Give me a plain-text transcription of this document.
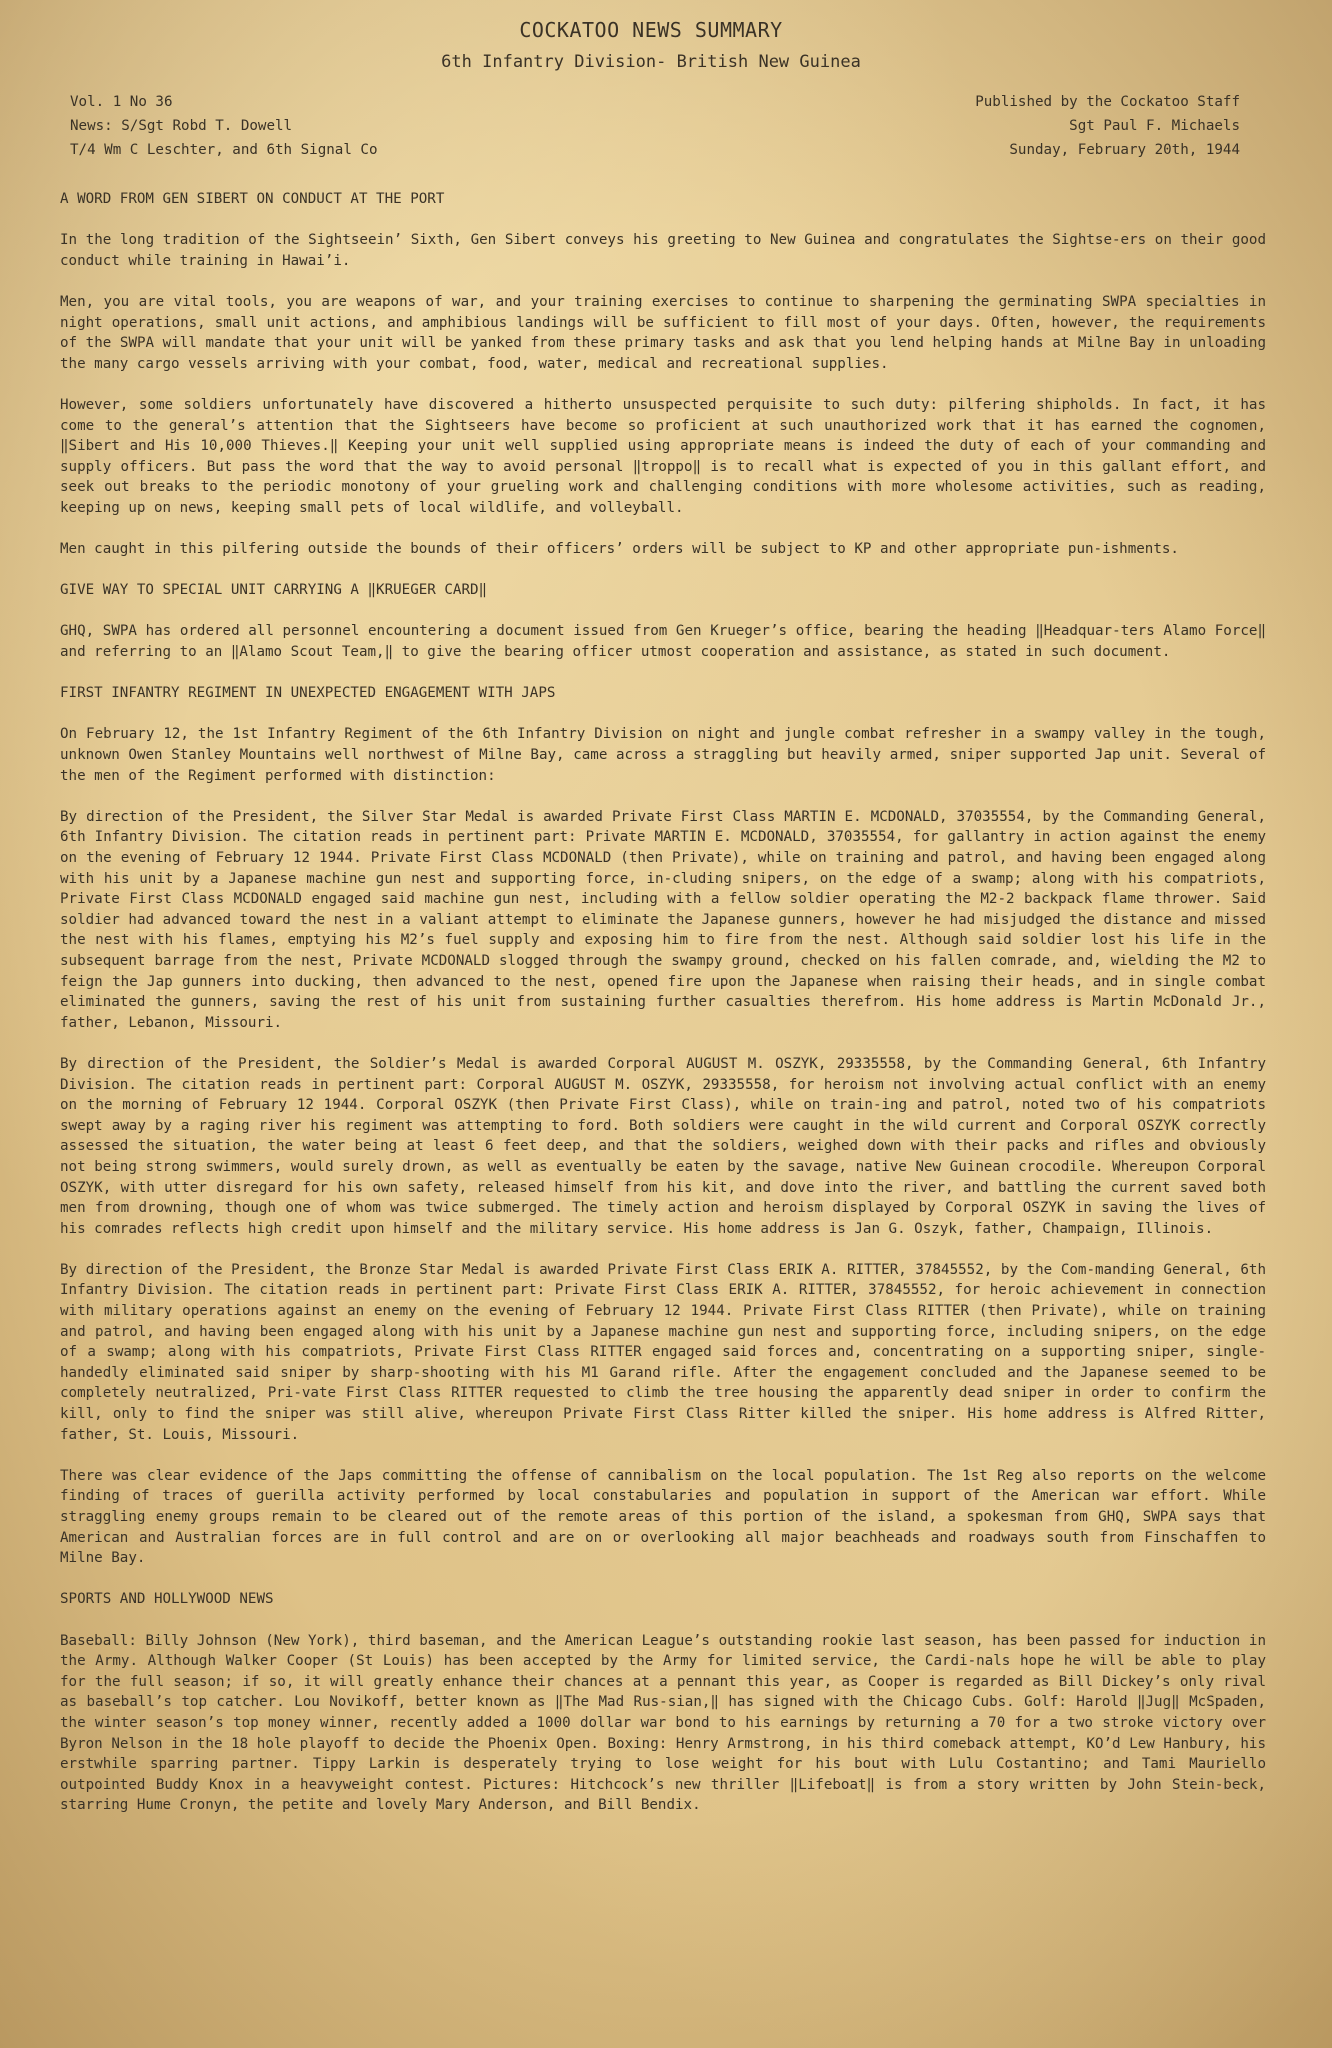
COCKATOO NEWS SUMMARY
6th Infantry Division- British New Guinea
Vol. 1 No 36
News: S/Sgt Robd T. Dowell
T/4 Wm C Leschter, and 6th Signal Co
Published by the Cockatoo Staff
Sgt Paul F. Michaels
Sunday, February 20th, 1944
A WORD FROM GEN SIBERT ON CONDUCT AT THE PORT

In the long tradition of the Sightseein’ Sixth, Gen Sibert conveys his greeting to New Guinea and congratulates the Sightse-ers on their good conduct while training in Hawai’i.

Men, you are vital tools, you are weapons of war, and your training exercises to continue to sharpening the germinating SWPA specialties in night operations, small unit actions, and amphibious landings will be sufficient to fill most of your days. Often, however, the requirements of the SWPA will mandate that your unit will be yanked from these primary tasks and ask that you lend helping hands at Milne Bay in unloading the many cargo vessels arriving with your combat, food, water, medical and recreational supplies.

However, some soldiers unfortunately have discovered a hitherto unsuspected perquisite to such duty: pilfering shipholds. In fact, it has come to the general’s attention that the Sightseers have become so proficient at such unauthorized work that it has earned the cognomen, ‖Sibert and His 10,000 Thieves.‖ Keeping your unit well supplied using appropriate means is indeed the duty of each of your commanding and supply officers. But pass the word that the way to avoid personal ‖troppo‖ is to recall what is expected of you in this gallant effort, and seek out breaks to the periodic monotony of your grueling work and challenging conditions with more wholesome activities, such as reading, keeping up on news, keeping small pets of local wildlife, and volleyball.

Men caught in this pilfering outside the bounds of their officers’ orders will be subject to KP and other appropriate pun-ishments.

GIVE WAY TO SPECIAL UNIT CARRYING A ‖KRUEGER CARD‖

GHQ, SWPA has ordered all personnel encountering a document issued from Gen Krueger’s office, bearing the heading ‖Headquar-ters Alamo Force‖ and referring to an ‖Alamo Scout Team,‖ to give the bearing officer utmost cooperation and assistance, as stated in such document.

FIRST INFANTRY REGIMENT IN UNEXPECTED ENGAGEMENT WITH JAPS

On February 12, the 1st Infantry Regiment of the 6th Infantry Division on night and jungle combat refresher in a swampy valley in the tough, unknown Owen Stanley Mountains well northwest of Milne Bay, came across a straggling but heavily armed, sniper supported Jap unit. Several of the men of the Regiment performed with distinction:

By direction of the President, the Silver Star Medal is awarded Private First Class MARTIN E. MCDONALD, 37035554, by the Commanding General, 6th Infantry Division. The citation reads in pertinent part: Private MARTIN E. MCDONALD, 37035554, for gallantry in action against the enemy on the evening of February 12 1944. Private First Class MCDONALD (then Private), while on training and patrol, and having been engaged along with his unit by a Japanese machine gun nest and supporting force, in-cluding snipers, on the edge of a swamp; along with his compatriots, Private First Class MCDONALD engaged said machine gun nest, including with a fellow soldier operating the M2-2 backpack flame thrower. Said soldier had advanced toward the nest in a valiant attempt to eliminate the Japanese gunners, however he had misjudged the distance and missed the nest with his flames, emptying his M2’s fuel supply and exposing him to fire from the nest. Although said soldier lost his life in the subsequent barrage from the nest, Private MCDONALD slogged through the swampy ground, checked on his fallen comrade, and, wielding the M2 to feign the Jap gunners into ducking, then advanced to the nest, opened fire upon the Japanese when raising their heads, and in single combat eliminated the gunners, saving the rest of his unit from sustaining further casualties therefrom. His home address is Martin McDonald Jr., father, Lebanon, Missouri.

By direction of the President, the Soldier’s Medal is awarded Corporal AUGUST M. OSZYK, 29335558, by the Commanding General, 6th Infantry Division. The citation reads in pertinent part: Corporal AUGUST M. OSZYK, 29335558, for heroism not involving actual conflict with an enemy on the morning of February 12 1944. Corporal OSZYK (then Private First Class), while on train-ing and patrol, noted two of his compatriots swept away by a raging river his regiment was attempting to ford. Both soldiers were caught in the wild current and Corporal OSZYK correctly assessed the situation, the water being at least 6 feet deep, and that the soldiers, weighed down with their packs and rifles and obviously not being strong swimmers, would surely drown, as well as eventually be eaten by the savage, native New Guinean crocodile. Whereupon Corporal OSZYK, with utter disregard for his own safety, released himself from his kit, and dove into the river, and battling the current saved both men from drowning, though one of whom was twice submerged. The timely action and heroism displayed by Corporal OSZYK in saving the lives of his comrades reflects high credit upon himself and the military service. His home address is Jan G. Oszyk, father, Champaign, Illinois.

By direction of the President, the Bronze Star Medal is awarded Private First Class ERIK A. RITTER, 37845552, by the Com-manding General, 6th Infantry Division. The citation reads in pertinent part: Private First Class ERIK A. RITTER, 37845552, for heroic achievement in connection with military operations against an enemy on the evening of February 12 1944. Private First Class RITTER (then Private), while on training and patrol, and having been engaged along with his unit by a Japanese machine gun nest and supporting force, including snipers, on the edge of a swamp; along with his compatriots, Private First Class RITTER engaged said forces and, concentrating on a supporting sniper, single-handedly eliminated said sniper by sharp-shooting with his M1 Garand rifle. After the engagement concluded and the Japanese seemed to be completely neutralized, Pri-vate First Class RITTER requested to climb the tree housing the apparently dead sniper in order to confirm the kill, only to find the sniper was still alive, whereupon Private First Class Ritter killed the sniper. His home address is Alfred Ritter, father, St. Louis, Missouri.

There was clear evidence of the Japs committing the offense of cannibalism on the local population. The 1st Reg also reports on the welcome finding of traces of guerilla activity performed by local constabularies and population in support of the American war effort. While straggling enemy groups remain to be cleared out of the remote areas of this portion of the island, a spokesman from GHQ, SWPA says that American and Australian forces are in full control and are on or overlooking all major beachheads and roadways south from Finschaffen to Milne Bay.

SPORTS AND HOLLYWOOD NEWS

Baseball: Billy Johnson (New York), third baseman, and the American League’s outstanding rookie last season, has been passed for induction in the Army. Although Walker Cooper (St Louis) has been accepted by the Army for limited service, the Cardi-nals hope he will be able to play for the full season; if so, it will greatly enhance their chances at a pennant this year, as Cooper is regarded as Bill Dickey’s only rival as baseball’s top catcher. Lou Novikoff, better known as ‖The Mad Rus-sian,‖ has signed with the Chicago Cubs. Golf: Harold ‖Jug‖ McSpaden, the winter season’s top money winner, recently added a 1000 dollar war bond to his earnings by returning a 70 for a two stroke victory over Byron Nelson in the 18 hole playoff to decide the Phoenix Open. Boxing: Henry Armstrong, in his third comeback attempt, KO’d Lew Hanbury, his erstwhile sparring partner. Tippy Larkin is desperately trying to lose weight for his bout with Lulu Costantino; and Tami Mauriello outpointed Buddy Knox in a heavyweight contest. Pictures: Hitchcock’s new thriller ‖Lifeboat‖ is from a story written by John Stein-beck, starring Hume Cronyn, the petite and lovely Mary Anderson, and Bill Bendix.
